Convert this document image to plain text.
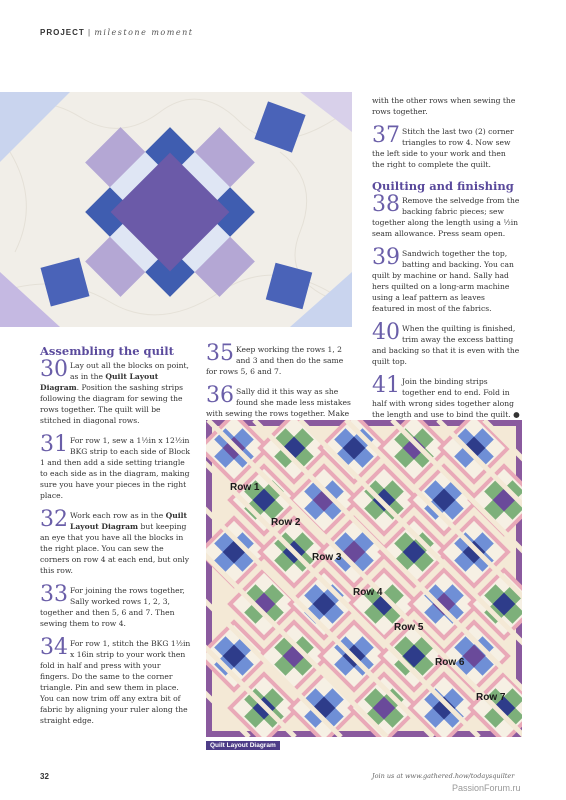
PROJECT | milestone moment
Assembling the quilt
30 Lay out all the blocks on point, as in the Quilt Layout Diagram. Position the sashing strips following the diagram for sewing the rows together. The quilt will be stitched in diagonal rows.
31 For row 1, sew a 1½in x 12½in BKG strip to each side of Block 1 and then add a side setting triangle to each side as in the diagram, making sure you have your pieces in the right place.
32 Work each row as in the Quilt Layout Diagram but keeping an eye that you have all the blocks in the right place. You can sew the corners on row 4 at each end, but only this row.
33 For joining the rows together, Sally worked rows 1, 2, 3, together and then 5, 6 and 7. Then sewing them to row 4.
34 For row 1, stitch the BKG 1½in x 16in strip to your work then fold in half and press with your fingers. Do the same to the corner triangle. Pin and sew them in place. You can now trim off any extra bit of fabric by aligning your ruler along the straight edge.
35 Keep working the rows 1, 2 and 3 and then do the same for rows 5, 6 and 7.
36 Sally did it this way as she found she made less mistakes with sewing the rows together. Make
with the other rows when sewing the rows together.
37 Stitch the last two (2) corner triangles to row 4. Now sew the left side to your work and then the right to complete the quilt.
Quilting and finishing
38 Remove the selvedge from the backing fabric pieces; sew together along the length using a ½in seam allowance. Press seam open.
39 Sandwich together the top, batting and backing. You can quilt by machine or hand. Sally had hers quilted on a long-arm machine using a leaf pattern as leaves featured in most of the fabrics.
40 When the quilting is finished, trim away the excess batting and backing so that it is even with the quilt top.
41 Join the binding strips together end to end. Fold in half with wrong sides together along the length and use to bind the quilt. ●
Row 1
Row 2
Row 3
Row 4
Row 5
Row 6
Row 7
Quilt Layout Diagram
32	Join us at www.gathered.how/todaysquilter
PassionForum.ru
